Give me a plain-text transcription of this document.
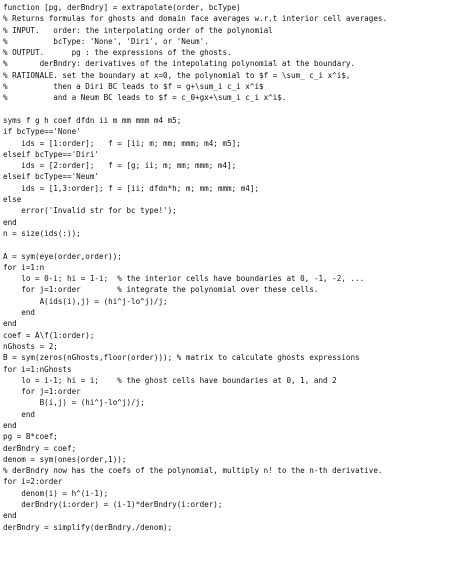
function [pg, derBndry] = extrapolate(order, bcType)
% Returns formulas for ghosts and domain face averages w.r.t interior cell averages.
% INPUT.   order: the interpolating order of the polynomial
%          bcType: 'None', 'Diri', or 'Neum'.
% OUTPUT.      pg : the expressions of the ghosts.
%       derBndry: derivatives of the intepolating polynomial at the boundary.
% RATIONALE. set the boundary at x=0, the polynomial to $f = \sum_ c_i x^i$,
%          then a Diri BC leads to $f = g+\sum_i c_i x^i$
%          and a Neum BC leads to $f = c_0+gx+\sum_i c_i x^i$.
syms f g h coef dfdn ii m mm mmm m4 m5;
if bcType=='None'
ids = [1:order];   f = [ii; m; mm; mmm; m4; m5];
elseif bcType=='Diri'
ids = [2:order];   f = [g; ii; m; mm; mmm; m4];
elseif bcType=='Neum'
ids = [1,3:order]; f = [ii; dfdn*h; m; mm; mmm; m4];
else
error('Invalid str for bc type!');
end
n = size(ids(:));
A = sym(eye(order,order));
for i=1:n
lo = 0-i; hi = 1-i;  % the interior cells have boundaries at 0, -1, -2, ...
for j=1:order        % integrate the polynomial over these cells.
A(ids(i),j) = (hi^j-lo^j)/j;
end
end
coef = A\f(1:order);
nGhosts = 2;
B = sym(zeros(nGhosts,floor(order))); % matrix to calculate ghosts expressions
for i=1:nGhosts
lo = i-1; hi = i;    % the ghost cells have boundaries at 0, 1, and 2
for j=1:order
B(i,j) = (hi^j-lo^j)/j;
end
end
pg = B*coef;
derBndry = coef;
denom = sym(ones(order,1));
% derBndry now has the coefs of the polynomial, multiply n! to the n-th derivative.
for i=2:order
denom(i) = h^(i-1);
derBndry(i:order) = (i-1)*derBndry(i:order);
end
derBndry = simplify(derBndry./denom);
